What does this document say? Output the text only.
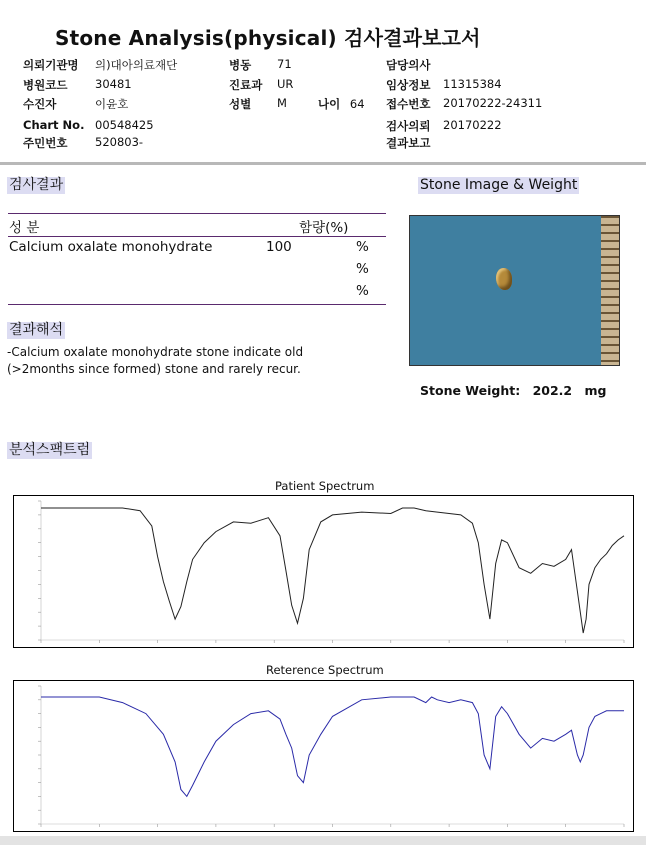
Stone Analysis(physical) 검사결과보고서
의뢰기관명 의)대아의료재단
병원코드 30481
수진자	이윤호
Chart No. 00548425
주민번호 520803-
병동 71
진료과 UR
성별 M
담당의사
임상정보 11315384
접수번호 20170222-24311
검사의뢰 20170222
결과보고
나이 64
검사결과
성 분	함량(%)
Calcium oxalate monohydrate	100	%
%
%
결과해석
-Calcium oxalate monohydrate stone indicate old
(>2months since formed) stone and rarely recur.
Stone Image & Weight
Stone Weight: 202.2 mg
분석스팩트럼
Patient Spectrum
Reterence Spectrum
